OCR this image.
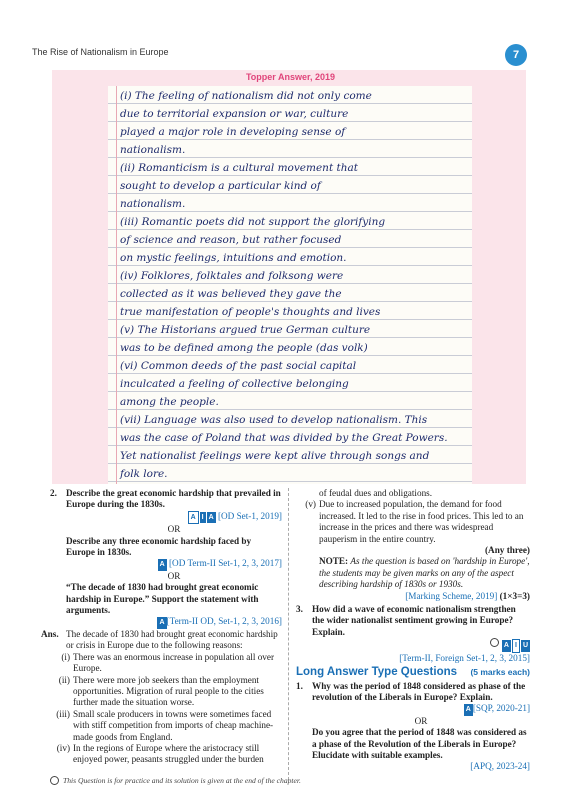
The Rise of Nationalism in Europe	7
Topper Answer, 2019
(i) The feeling of nationalism did not only come
due to territorial expansion or war, culture
played a major role in developing sense of
nationalism.
(ii) Romanticism is a cultural movement that
sought to develop a particular kind of
nationalism.
(iii) Romantic poets did not support the glorifying
of science and reason, but rather focused
on mystic feelings, intuitions and emotion.
(iv) Folklores, folktales and folksong were
collected as it was believed they gave the
true manifestation of people's thoughts and lives
(v) The Historians argued true German culture
was to be defined among the people (das volk)
(vi) Common deeds of the past social capital
inculcated a feeling of collective belonging
among the people.
(vii) Language was also used to develop nationalism. This
was the case of Poland that was divided by the Great Powers.
Yet nationalist feelings were kept alive through songs and
folk lore.
2. Describe the great economic hardship that prevailed in Europe during the 1830s.
A I A [OD Set-1, 2019]
OR
Describe any three economic hardship faced by Europe in 1830s.
A [OD Term-II Set-1, 2, 3, 2017]
OR
“The decade of 1830 had brought great economic hardship in Europe.” Support the statement with arguments.
A [Term-II OD, Set-1, 2, 3, 2016]
Ans. The decade of 1830 had brought great economic hardship or crisis in Europe due to the following reasons:
(i) There was an enormous increase in population all over Europe.
(ii) There were more job seekers than the employment opportunities. Migration of rural people to the cities further made the situation worse.
(iii) Small scale producers in towns were sometimes faced with stiff competition from imports of cheap machine-made goods from England.
(iv) In the regions of Europe where the aristocracy still enjoyed power, peasants struggled under the burden
of feudal dues and obligations.
(v) Due to increased population, the demand for food increased. It led to the rise in food prices. This led to an increase in the prices and there was widespread pauperism in the entire country.
(Any three)
NOTE: As the question is based on 'hardship in Europe', the students may be given marks on any of the aspect describing hardship of 1830s or 1930s.
[Marking Scheme, 2019] (1×3=3)
3. How did a wave of economic nationalism strengthen the wider nationalist sentiment growing in Europe? Explain.
A I U
[Term-II, Foreign Set-1, 2, 3, 2015]
Long Answer Type Questions (5 marks each)
1. Why was the period of 1848 considered as phase of the revolution of the Liberals in Europe? Explain.
A [SQP, 2020-21]
OR
Do you agree that the period of 1848 was considered as a phase of the Revolution of the Liberals in Europe? Elucidate with suitable examples.
[APQ, 2023-24]
This Question is for practice and its solution is given at the end of the chapter.
